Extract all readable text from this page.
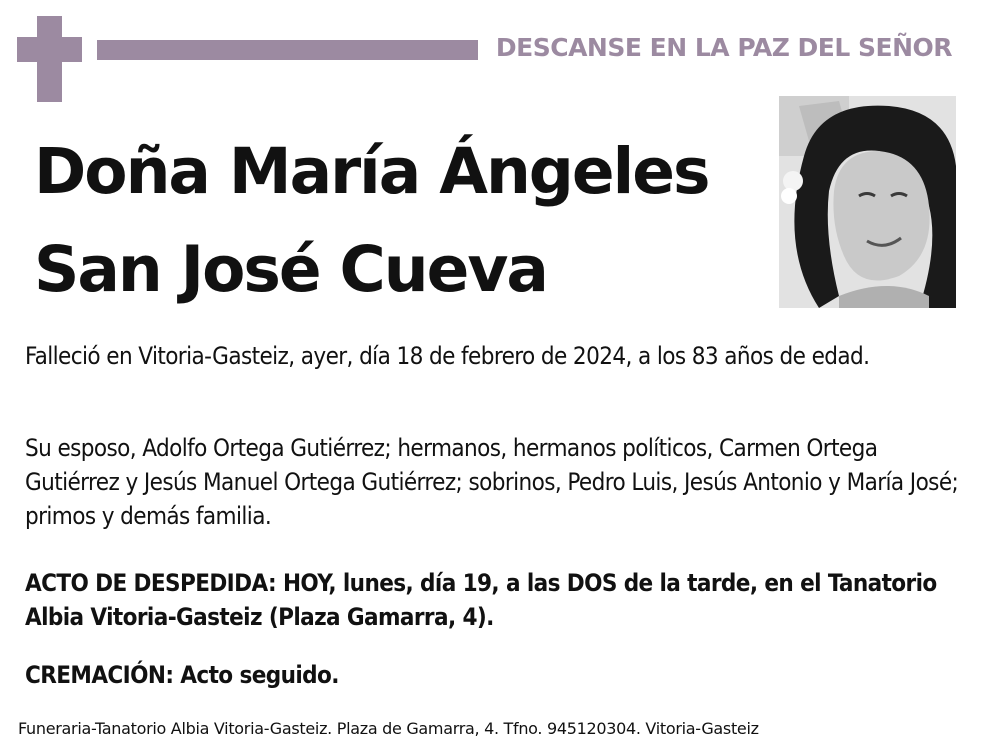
DESCANSE EN LA PAZ DEL SEÑOR
Doña María Ángeles
San José Cueva
Falleció en Vitoria-Gasteiz, ayer, día 18 de febrero de 2024, a los 83 años de edad.
Su esposo, Adolfo Ortega Gutiérrez; hermanos, hermanos políticos, Carmen Ortega Gutiérrez y Jesús Manuel Ortega Gutiérrez; sobrinos, Pedro Luis, Jesús Antonio y María José; primos y demás familia.
ACTO DE DESPEDIDA: HOY, lunes, día 19, a las DOS de la tarde, en el Tanatorio Albia Vitoria-Gasteiz (Plaza Gamarra, 4).
CREMACIÓN: Acto seguido.
Funeraria-Tanatorio Albia Vitoria-Gasteiz. Plaza de Gamarra, 4. Tfno. 945120304. Vitoria-Gasteiz
